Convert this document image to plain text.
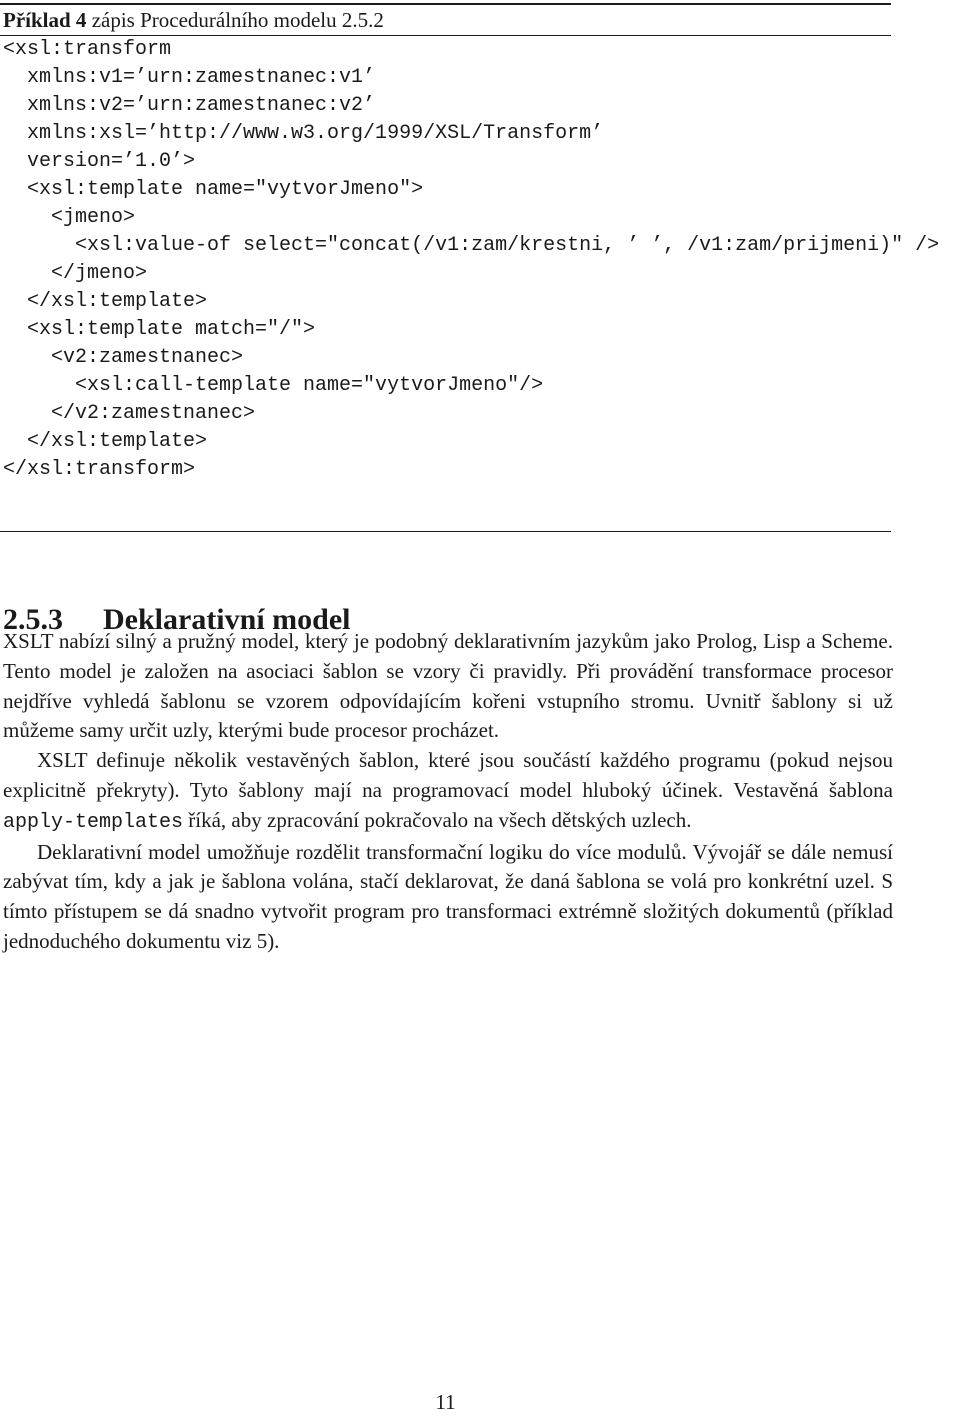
Příklad 4 zápis Procedurálního modelu 2.5.2
<xsl:transform
xmlns:v1=’urn:zamestnanec:v1’
xmlns:v2=’urn:zamestnanec:v2’
xmlns:xsl=’http://www.w3.org/1999/XSL/Transform’
version=’1.0’>
<xsl:template name="vytvorJmeno">
<jmeno>
<xsl:value-of select="concat(/v1:zam/krestni, ’ ’, /v1:zam/prijmeni)" />
</jmeno>
</xsl:template>
<xsl:template match="/">
<v2:zamestnanec>
<xsl:call-template name="vytvorJmeno"/>
</v2:zamestnanec>
</xsl:template>
</xsl:transform>
2.5.3 Deklarativní model

XSLT nabízí silný a pružný model, který je podobný deklarativním jazykům jako Prolog, Lisp a Scheme. Tento model je založen na asociaci šablon se vzory či pravidly. Při provádění transformace procesor nejdříve vyhledá šablonu se vzorem odpovídajícím kořeni vstupního stromu. Uvnitř šablony si už můžeme samy určit uzly, kterými bude procesor procházet.

XSLT definuje několik vestavěných šablon, které jsou součástí každého programu (pokud nejsou explicitně překryty). Tyto šablony mají na programovací model hluboký účinek. Vestavěná šablona apply-templates říká, aby zpracování pokračovalo na všech dětských uzlech.

Deklarativní model umožňuje rozdělit transformační logiku do více modulů. Vývojář se dále nemusí zabývat tím, kdy a jak je šablona volána, stačí deklarovat, že daná šablona se volá pro konkrétní uzel. S tímto přístupem se dá snadno vytvořit program pro transformaci extrémně složitých dokumentů (příklad jednoduchého dokumentu viz 5).

11
